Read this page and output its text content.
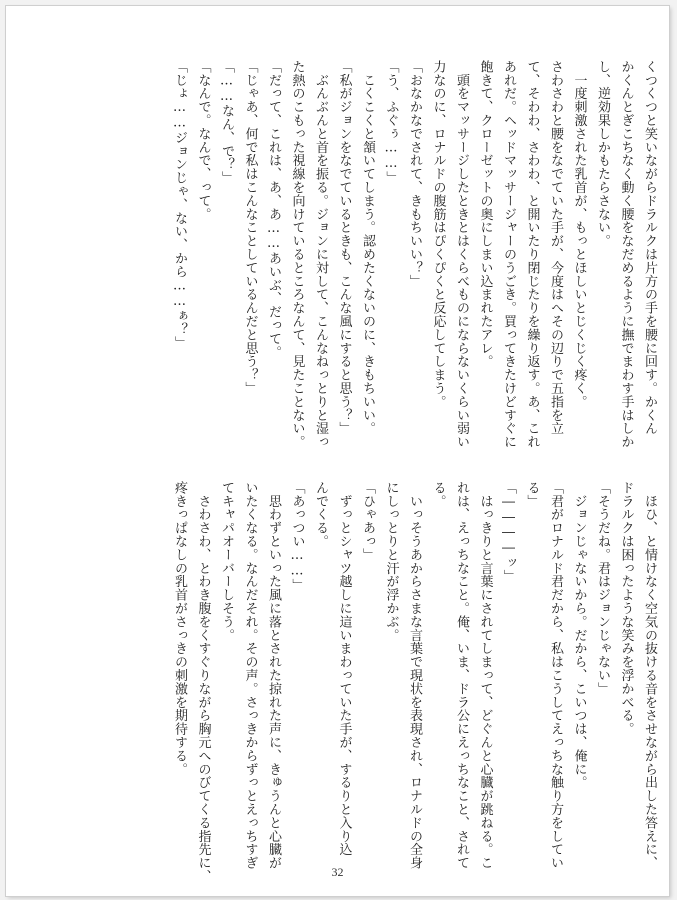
くつくつと笑いながらドラルクは片方の手を腰に回す。かくん
かくんとぎこちなく動く腰をなだめるように撫でまわす手はしか
し、逆効果しかもたらさない。
　一度刺激された乳首が、もっとほしいとじくじく疼く。
さわさわと腰をなでていた手が、今度はへその辺りで五指を立
て、そわわ、さわわ、と開いたり閉じたりを繰り返す。あ、これ
あれだ。ヘッドマッサージャーのうごき。買ってきたけどすぐに
飽きて、クローゼットの奥にしまい込まれたアレ。
　頭をマッサージしたときとはくらべものにならないくらい弱い
力なのに、ロナルドの腹筋はぴくぴくと反応してしまう。
「おなかなでされて、きもちいい？」
「う、ふぐぅ……」
　こくこくと頷いてしまう。認めたくないのに、きもちいい。
「私がジョンをなでているときも、こんな風にすると思う？」
　ぶんぶんと首を振る。ジョンに対して、こんなねっとりと湿っ
た熱のこもった視線を向けているところなんて、見たことない。
「だって、これは、あ、あ……あいぶ、だって。
「じゃあ、何で私はこんなことしているんだと思う？」
「……なん、で？」
「なんで。なんで、って。
「じょ……ジョンじゃ、ない、から……ぁ？」
　ほひ、と情けなく空気の抜ける音をさせながら出した答えに、
ドラルクは困ったような笑みを浮かべる。
「そうだね。君はジョンじゃない」
　ジョンじゃないから。だから、こいつは、俺に。
「君がロナルド君だから、私はこうしてえっちな触り方をしてい
る」
「――――ッ」
　はっきりと言葉にされてしまって、どぐんと心臓が跳ねる。こ
れは、えっちなこと。俺、いま、ドラ公にえっちなこと、されて
る。
　いっそうあからさまな言葉で現状を表現され、ロナルドの全身
にしっとりと汗が浮かぶ。
「ひゃあっ」
　ずっとシャツ越しに這いまわっていた手が、するりと入り込
んでくる。
「あっつい……」
　思わずといった風に落とされた掠れた声に、きゅうんと心臓が
いたくなる。なんだそれ。その声。さっきからずっとえっちすぎ
てキャパオーバーしそう。
　さわさわ、とわき腹をくすぐりながら胸元へのびてくる指先に、
疼きっぱなしの乳首がさっきの刺激を期待する。
32
